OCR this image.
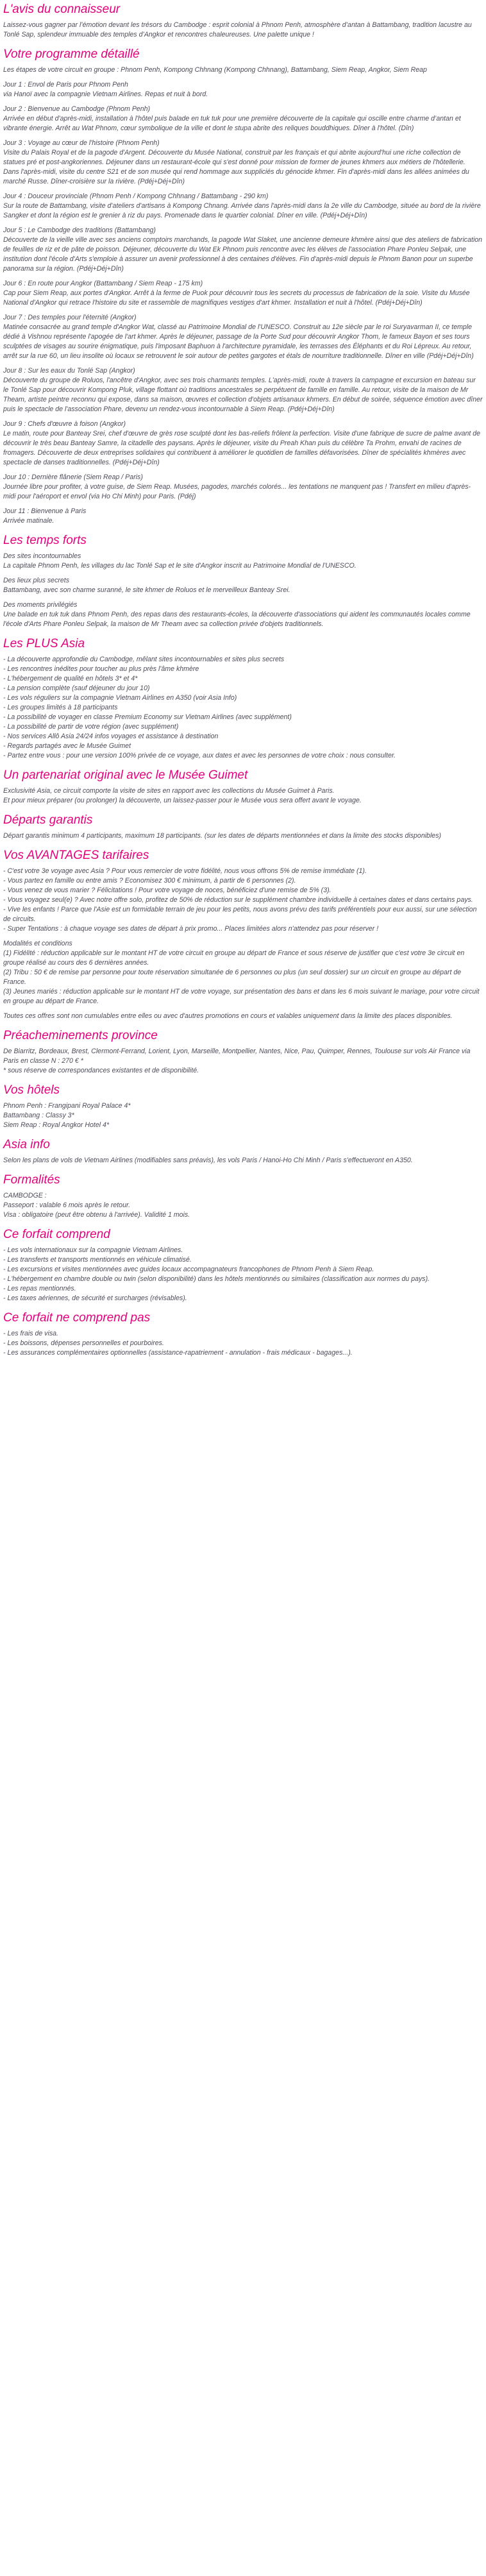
L'avis du connaisseur
Laissez-vous gagner par l’émotion devant les trésors du Cambodge : esprit colonial à Phnom Penh, atmosphère d’antan à Battambang, tradition lacustre au Tonlé Sap, splendeur immuable des temples d’Angkor et rencontres chaleureuses. Une palette unique !
Votre programme détaillé
Les étapes de votre circuit en groupe : Phnom Penh, Kompong Chhnang (Kompong Chhnang), Battambang, Siem Reap, Angkor, Siem Reap
Jour 1 : Envol de Paris pour Phnom Penh
via Hanoï avec la compagnie Vietnam Airlines. Repas et nuit à bord.
Jour 2 : Bienvenue au Cambodge (Phnom Penh)
Arrivée en début d'après-midi, installation à l'hôtel puis balade en tuk tuk pour une première découverte de la capitale qui oscille entre charme d’antan et vibrante énergie. Arrêt au Wat Phnom, cœur symbolique de la ville et dont le stupa abrite des reliques bouddhiques. Dîner à l'hôtel. (Dîn)
Jour 3 : Voyage au cœur de l'histoire (Phnom Penh)
Visite du Palais Royal et de la pagode d'Argent. Découverte du Musée National, construit par les français et qui abrite aujourd'hui une riche collection de statues pré et post-angkoriennes. Déjeuner dans un restaurant-école qui s'est donné pour mission de former de jeunes khmers aux métiers de l'hôtellerie. Dans l'après-midi, visite du centre S21 et de son musée qui rend hommage aux suppliciés du génocide khmer. Fin d'après-midi dans les allées animées du marché Russe. Dîner-croisière sur la rivière. (Pdéj+Déj+Dîn)
Jour 4 : Douceur provinciale (Phnom Penh / Kompong Chhnang / Battambang - 290 km)
Sur la route de Battambang, visite d'ateliers d'artisans à Kompong Chnang. Arrivée dans l'après-midi dans la 2e ville du Cambodge, située au bord de la rivière Sangker et dont la région est le grenier à riz du pays. Promenade dans le quartier colonial. Dîner en ville. (Pdéj+Déj+Dîn)
Jour 5 : Le Cambodge des traditions (Battambang)
Découverte de la vieille ville avec ses anciens comptoirs marchands, la pagode Wat Slaket, une ancienne demeure khmère ainsi que des ateliers de fabrication de feuilles de riz et de pâte de poisson. Déjeuner, découverte du Wat Ek Phnom puis rencontre avec les élèves de l'association Phare Ponleu Selpak, une institution dont l'école d'Arts s'emploie à assurer un avenir professionnel à des centaines d'élèves. Fin d'après-midi depuis le Phnom Banon pour un superbe panorama sur la région. (Pdéj+Déj+Dîn)
Jour 6 : En route pour Angkor (Battambang / Siem Reap - 175 km)
Cap pour Siem Reap, aux portes d'Angkor. Arrêt à la ferme de Puok pour découvrir tous les secrets du processus de fabrication de la soie. Visite du Musée National d'Angkor qui retrace l'histoire du site et rassemble de magnifiques vestiges d'art khmer. Installation et nuit à l'hôtel. (Pdéj+Déj+Dîn)
Jour 7 : Des temples pour l'éternité (Angkor)
Matinée consacrée au grand temple d'Angkor Wat, classé au Patrimoine Mondial de l'UNESCO. Construit au 12e siècle par le roi Suryavarman II, ce temple dédié à Vishnou représente l'apogée de l'art khmer. Après le déjeuner, passage de la Porte Sud pour découvrir Angkor Thom, le fameux Bayon et ses tours sculptées de visages au sourire énigmatique, puis l'imposant Baphuon à l'architecture pyramidale, les terrasses des Éléphants et du Roi Lépreux. Au retour, arrêt sur la rue 60, un lieu insolite où locaux se retrouvent le soir autour de petites gargotes et étals de nourriture traditionnelle. Dîner en ville (Pdéj+Déj+Dîn)
Jour 8 : Sur les eaux du Tonlé Sap (Angkor)
Découverte du groupe de Roluos, l'ancêtre d'Angkor, avec ses trois charmants temples. L'après-midi, route à travers la campagne et excursion en bateau sur le Tonlé Sap pour découvrir Kompong Pluk, village flottant où traditions ancestrales se perpétuent de famille en famille. Au retour, visite de la maison de Mr Theam, artiste peintre reconnu qui expose, dans sa maison, œuvres et collection d'objets artisanaux khmers. En début de soirée, séquence émotion avec dîner puis le spectacle de l'association Phare, devenu un rendez-vous incontournable à Siem Reap. (Pdéj+Déj+Dîn)
Jour 9 : Chefs d'œuvre à foison (Angkor)
Le matin, route pour Banteay Srei, chef d'œuvre de grès rose sculpté dont les bas-reliefs frôlent la perfection. Visite d'une fabrique de sucre de palme avant de découvrir le très beau Banteay Samre, la citadelle des paysans. Après le déjeuner, visite du Preah Khan puis du célèbre Ta Prohm, envahi de racines de fromagers. Découverte de deux entreprises solidaires qui contribuent à améliorer le quotidien de familles défavorisées. Dîner de spécialités khmères avec spectacle de danses traditionnelles. (Pdéj+Déj+Dîn)
Jour 10 : Dernière flânerie (Siem Reap / Paris)
Journée libre pour profiter, à votre guise, de Siem Reap. Musées, pagodes, marchés colorés... les tentations ne manquent pas ! Transfert en milieu d'après-midi pour l'aéroport et envol (via Ho Chi Minh) pour Paris. (Pdéj)
Jour 11 : Bienvenue à Paris
Arrivée matinale.
Les temps forts
Des sites incontournables
La capitale Phnom Penh, les villages du lac Tonlé Sap et le site d'Angkor inscrit au Patrimoine Mondial de l'UNESCO.
Des lieux plus secrets
Battambang, avec son charme suranné, le site khmer de Roluos et le merveilleux Banteay Srei.
Des moments privilégiés
Une balade en tuk tuk dans Phnom Penh, des repas dans des restaurants-écoles, la découverte d'associations qui aident les communautés locales comme l'école d'Arts Phare Ponleu Selpak, la maison de Mr Theam avec sa collection privée d'objets traditionnels.
Les PLUS Asia
- La découverte approfondie du Cambodge, mêlant sites incontournables et sites plus secrets
- Les rencontres inédites pour toucher au plus près l'âme khmère
- L'hébergement de qualité en hôtels 3* et 4*
- La pension complète (sauf déjeuner du jour 10)
- Les vols réguliers sur la compagnie Vietnam Airlines en A350 (voir Asia Info)
- Les groupes limités à 18 participants
- La possibilité de voyager en classe Premium Economy sur Vietnam Airlines (avec supplément)
- La possibilité de partir de votre région (avec supplément)
- Nos services Allô Asia 24/24 infos voyages et assistance à destination
- Regards partagés avec le Musée Guimet
- Partez entre vous : pour une version 100% privée de ce voyage, aux dates et avec les personnes de votre choix : nous consulter.
Un partenariat original avec le Musée Guimet
Exclusivité Asia, ce circuit comporte la visite de sites en rapport avec les collections du Musée Guimet à Paris.
Et pour mieux préparer (ou prolonger) la découverte, un laissez-passer pour le Musée vous sera offert avant le voyage.
Départs garantis
Départ garantis minimum 4 participants, maximum 18 participants. (sur les dates de départs mentionnées et dans la limite des stocks disponibles)
Vos AVANTAGES tarifaires
- C'est votre 3e voyage avec Asia ? Pour vous remercier de votre fidélité, nous vous offrons 5% de remise immédiate (1).
- Vous partez en famille ou entre amis ? Economisez 300 € minimum, à partir de 6 personnes (2).
- Vous venez de vous marier ? Félicitations ! Pour votre voyage de noces, bénéficiez d'une remise de 5% (3).
- Vous voyagez seul(e) ? Avec notre offre solo, profitez de 50% de réduction sur le supplément chambre individuelle à certaines dates et dans certains pays.
- Vive les enfants ! Parce que l'Asie est un formidable terrain de jeu pour les petits, nous avons prévu des tarifs préférentiels pour eux aussi, sur une sélection de circuits.
- Super Tentations : à chaque voyage ses dates de départ à prix promo... Places limitées alors n'attendez pas pour réserver !
Modalités et conditions
(1) Fidélité : réduction applicable sur le montant HT de votre circuit en groupe au départ de France et sous réserve de justifier que c'est votre 3e circuit en groupe réalisé au cours des 6 dernières années.
(2) Tribu : 50 € de remise par personne pour toute réservation simultanée de 6 personnes ou plus (un seul dossier) sur un circuit en groupe au départ de France.
(3) Jeunes mariés : réduction applicable sur le montant HT de votre voyage, sur présentation des bans et dans les 6 mois suivant le mariage, pour votre circuit en groupe au départ de France.
Toutes ces offres sont non cumulables entre elles ou avec d'autres promotions en cours et valables uniquement dans la limite des places disponibles.
Préacheminements province
De Biarritz, Bordeaux, Brest, Clermont-Ferrand, Lorient, Lyon, Marseille, Montpellier, Nantes, Nice, Pau, Quimper, Rennes, Toulouse sur vols Air France via Paris en classe N : 270 € *
* sous réserve de correspondances existantes et de disponibilité.
Vos hôtels
Phnom Penh : Frangipani Royal Palace 4*
Battambang : Classy 3*
Siem Reap : Royal Angkor Hotel 4*
Asia info
Selon les plans de vols de Vietnam Airlines (modifiables sans préavis), les vols Paris / Hanoi-Ho Chi Minh / Paris s'effectueront en A350.
Formalités
CAMBODGE :
Passeport : valable 6 mois après le retour.
Visa : obligatoire (peut être obtenu à l'arrivée). Validité 1 mois.
Ce forfait comprend
- Les vols internationaux sur la compagnie Vietnam Airlines.
- Les transferts et transports mentionnés en véhicule climatisé.
- Les excursions et visites mentionnées avec guides locaux accompagnateurs francophones de Phnom Penh à Siem Reap.
- L'hébergement en chambre double ou twin (selon disponibilité) dans les hôtels mentionnés ou similaires (classification aux normes du pays).
- Les repas mentionnés.
- Les taxes aériennes, de sécurité et surcharges (révisables).
Ce forfait ne comprend pas
- Les frais de visa.
- Les boissons, dépenses personnelles et pourboires.
- Les assurances complémentaires optionnelles (assistance-rapatriement - annulation - frais médicaux - bagages...).
